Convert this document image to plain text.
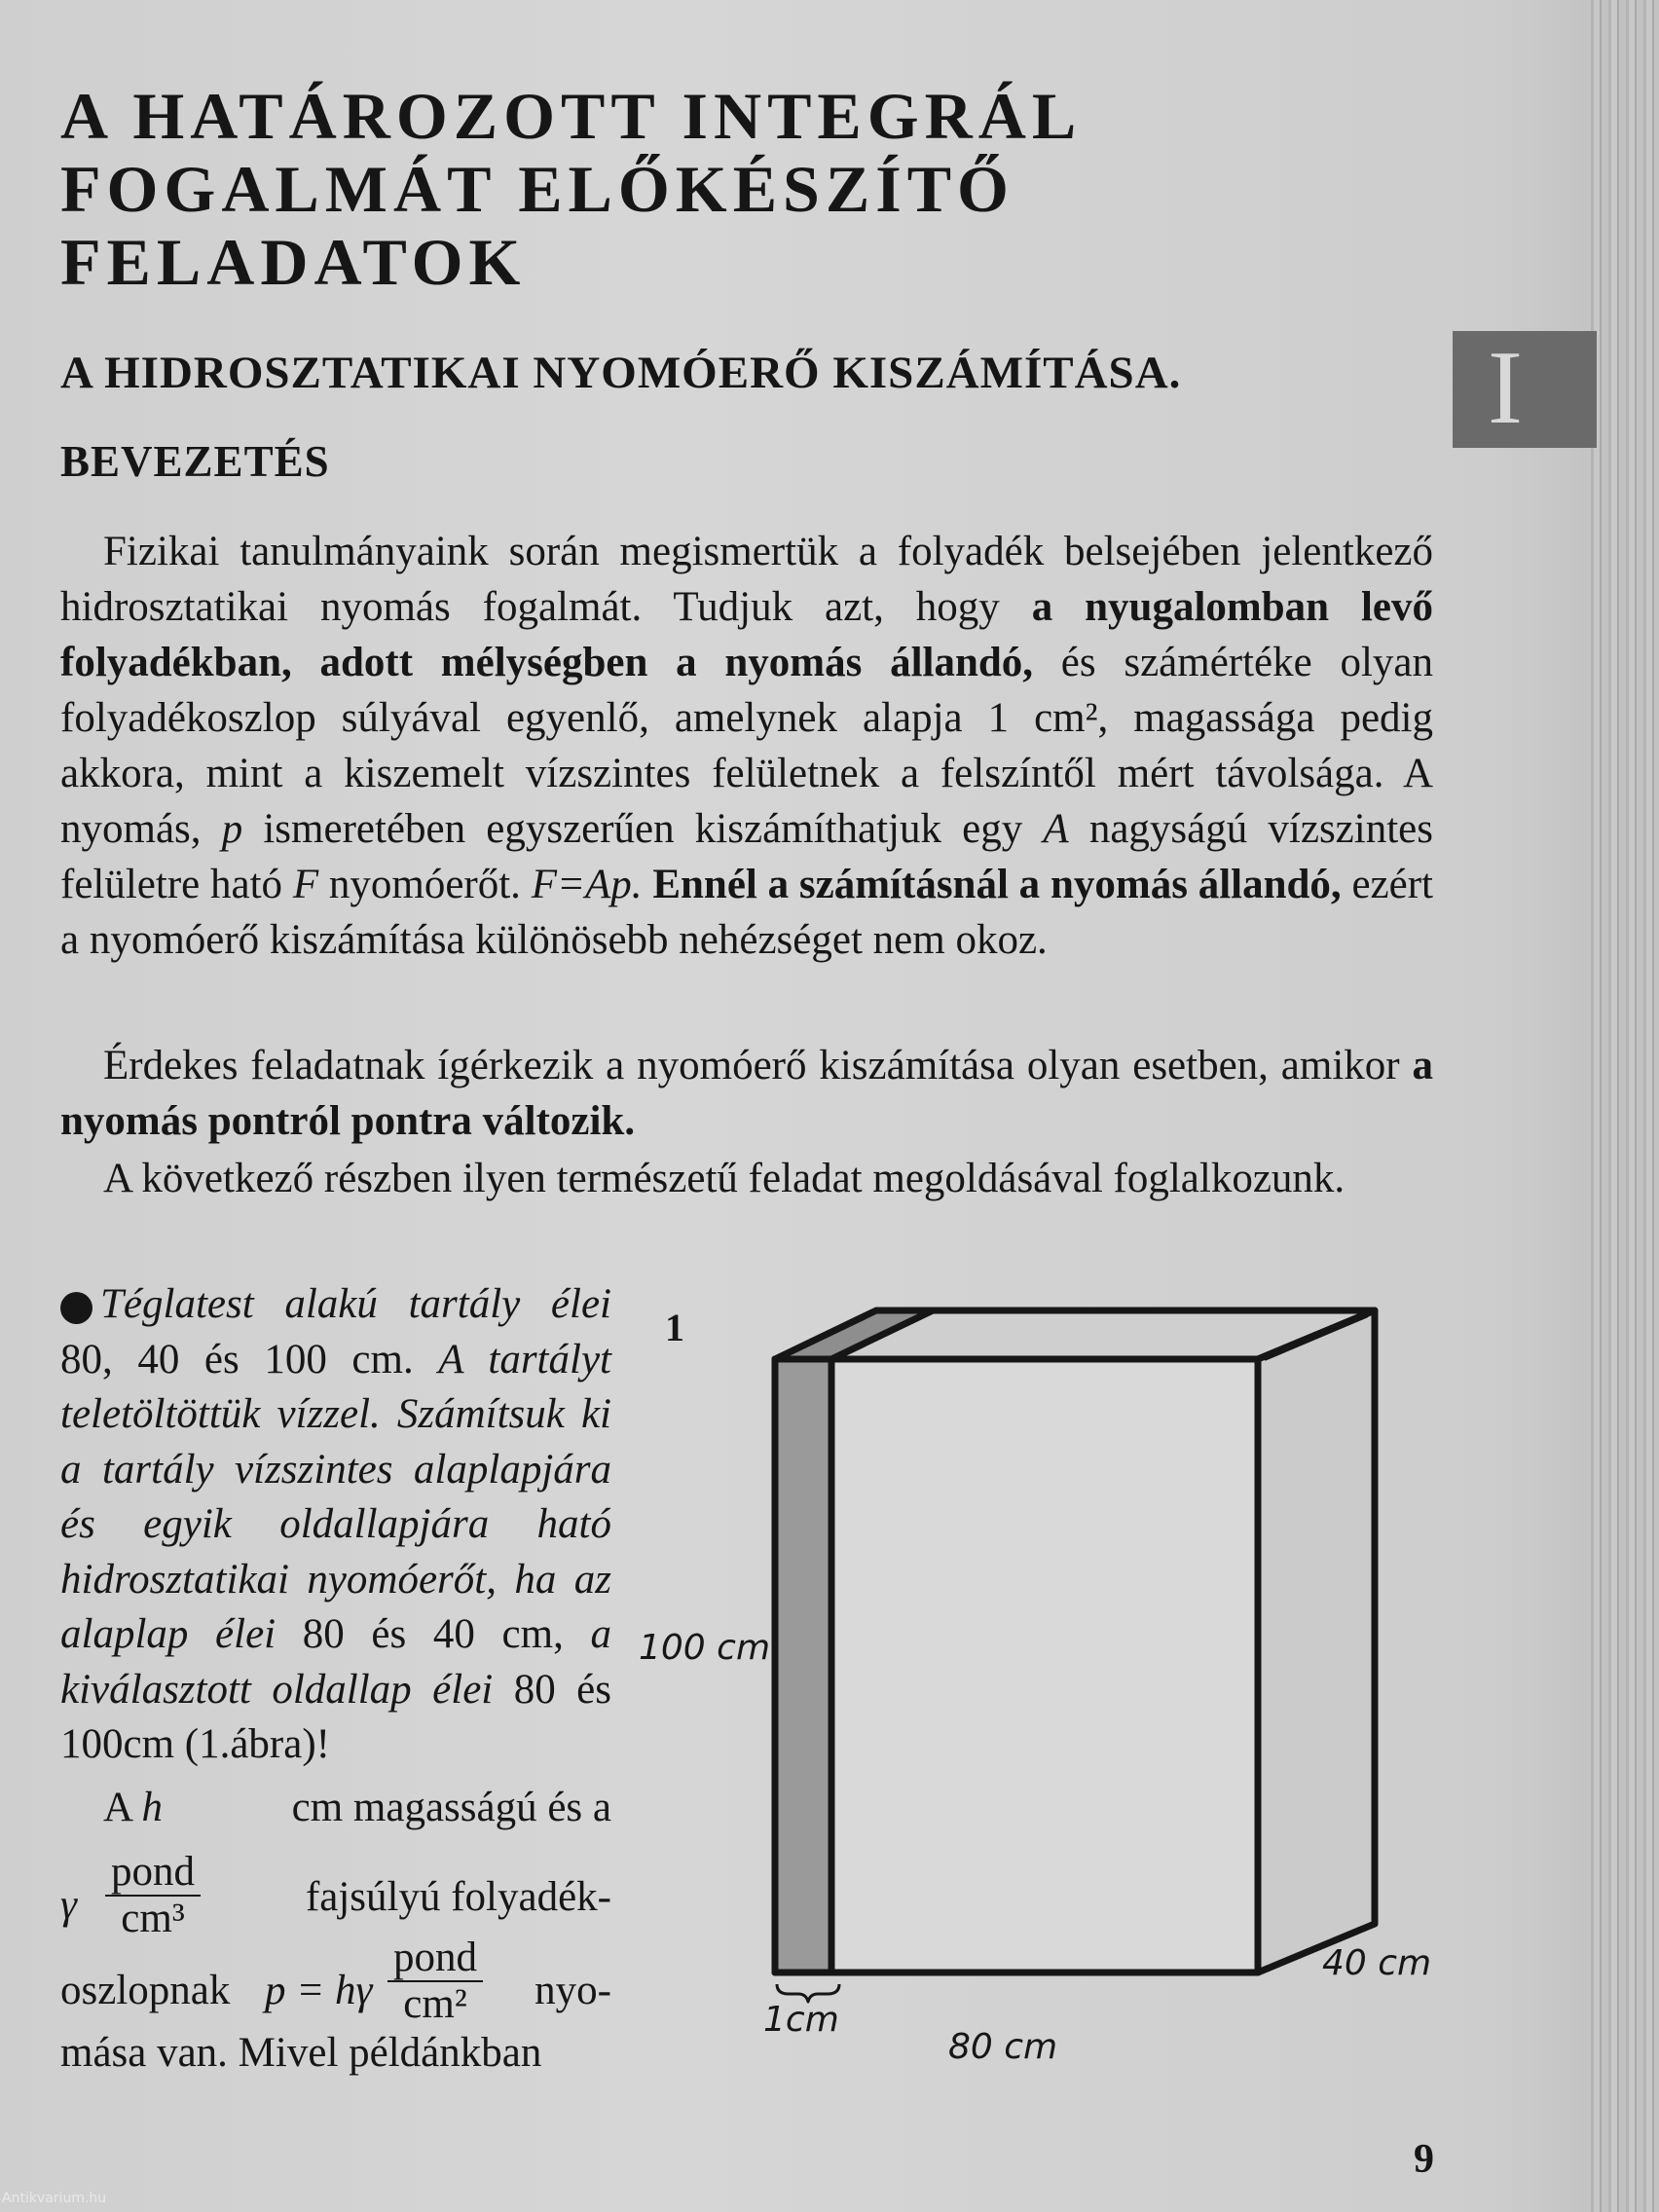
A HATÁROZOTT INTEGRÁL
FOGALMÁT ELŐKÉSZÍTŐ
FELADATOK
A HIDROSZTATIKAI NYOMÓERŐ KISZÁMÍTÁSA.
BEVEZETÉS
I

Fizikai tanulmányaink során megismertük a folyadék belsejében jelentkező hidrosztatikai nyomás fogalmát. Tudjuk azt, hogy a nyugalomban levő folyadékban, adott mélységben a nyomás állandó, és számértéke olyan folyadékoszlop súlyával egyenlő, amelynek alapja 1 cm², magassága pedig akkora, mint a kiszemelt vízszintes felületnek a felszíntől mért távolsága. A nyomás, p ismeretében egyszerűen kiszámíthatjuk egy A nagyságú vízszintes felületre ható F nyomóerőt. F=Ap. Ennél a számításnál a nyomás állandó, ezért a nyomóerő kiszámítása különösebb nehézséget nem okoz.

Érdekes feladatnak ígérkezik a nyomóerő kiszámítása olyan esetben, amikor a nyomás pontról pontra változik.

A következő részben ilyen természetű feladat megoldásával foglalkozunk.

Téglatest alakú tartály élei 80, 40 és 100 cm. A tartályt teletöltöttük vízzel. Számítsuk ki a tartály vízszintes alaplapjára és egyik oldallapjára ható hidrosztatikai nyomóerőt, ha az alaplap élei 80 és 40 cm, a kiválasztott oldallap élei 80 és 100cm (1.ábra)!

A h	cm magasságú és a
γ
pond
cm³	fajsúlyú folyadék-
oszlopnak p = hγ
pond
cm²	nyo-
mása van. Mivel példánkban
1
100 cm
40 cm
1cm
80 cm
9
Antikvarium.hu
